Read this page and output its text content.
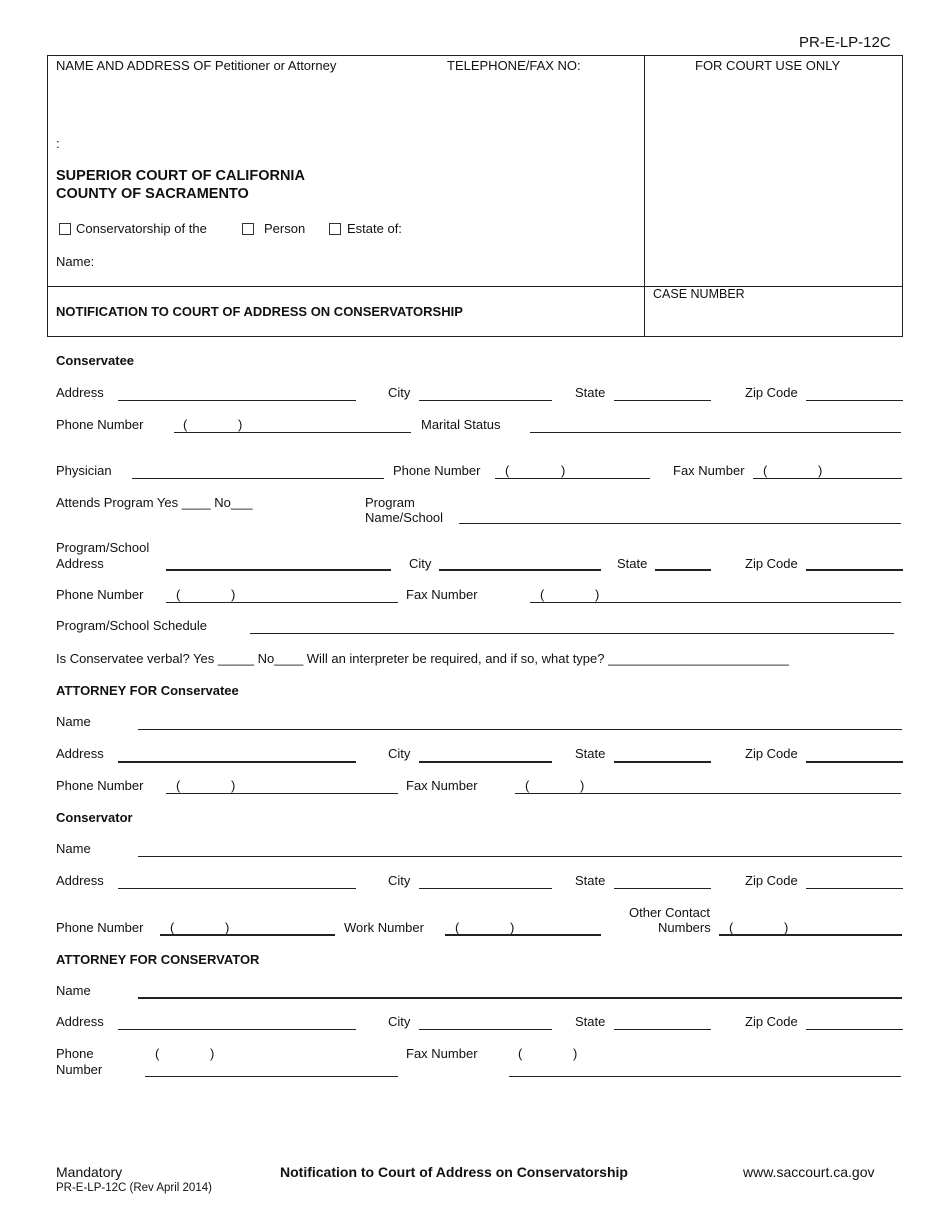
PR-E-LP-12C
NAME AND ADDRESS OF Petitioner or Attorney	TELEPHONE/FAX NO:	FOR COURT USE ONLY
:
SUPERIOR COURT OF CALIFORNIA
COUNTY OF SACRAMENTO
Conservatorship of the	Person	Estate of:
Name:
NOTIFICATION TO COURT OF ADDRESS ON CONSERVATORSHIP
CASE NUMBER
Conservatee
Address	City	State	Zip Code
Phone Number	(	)	Marital Status
Physician	Phone Number (	)	Fax Number (	)
Attends Program Yes ____ No___	Program
Name/School
Program/School
Address	City	State	Zip Code
Phone Number	(	)	Fax Number	(	)
Program/School Schedule
Is Conservatee verbal? Yes _____ No____ Will an interpreter be required, and if so, what type? _________________________
ATTORNEY FOR Conservatee
Name
Address	City	State	Zip Code
Phone Number	(	)	Fax Number	(	)
Conservator
Name
Address	City	State	Zip Code
Phone Number (	)	Work Number (	)
Other Contact
Numbers (	)
ATTORNEY FOR CONSERVATOR
Name
Address	City	State	Zip Code
Phone
Number
(	)	Fax Number	(	)
Mandatory
PR-E-LP-12C (Rev April 2014)
Notification to Court of Address on Conservatorship	www.saccourt.ca.gov
